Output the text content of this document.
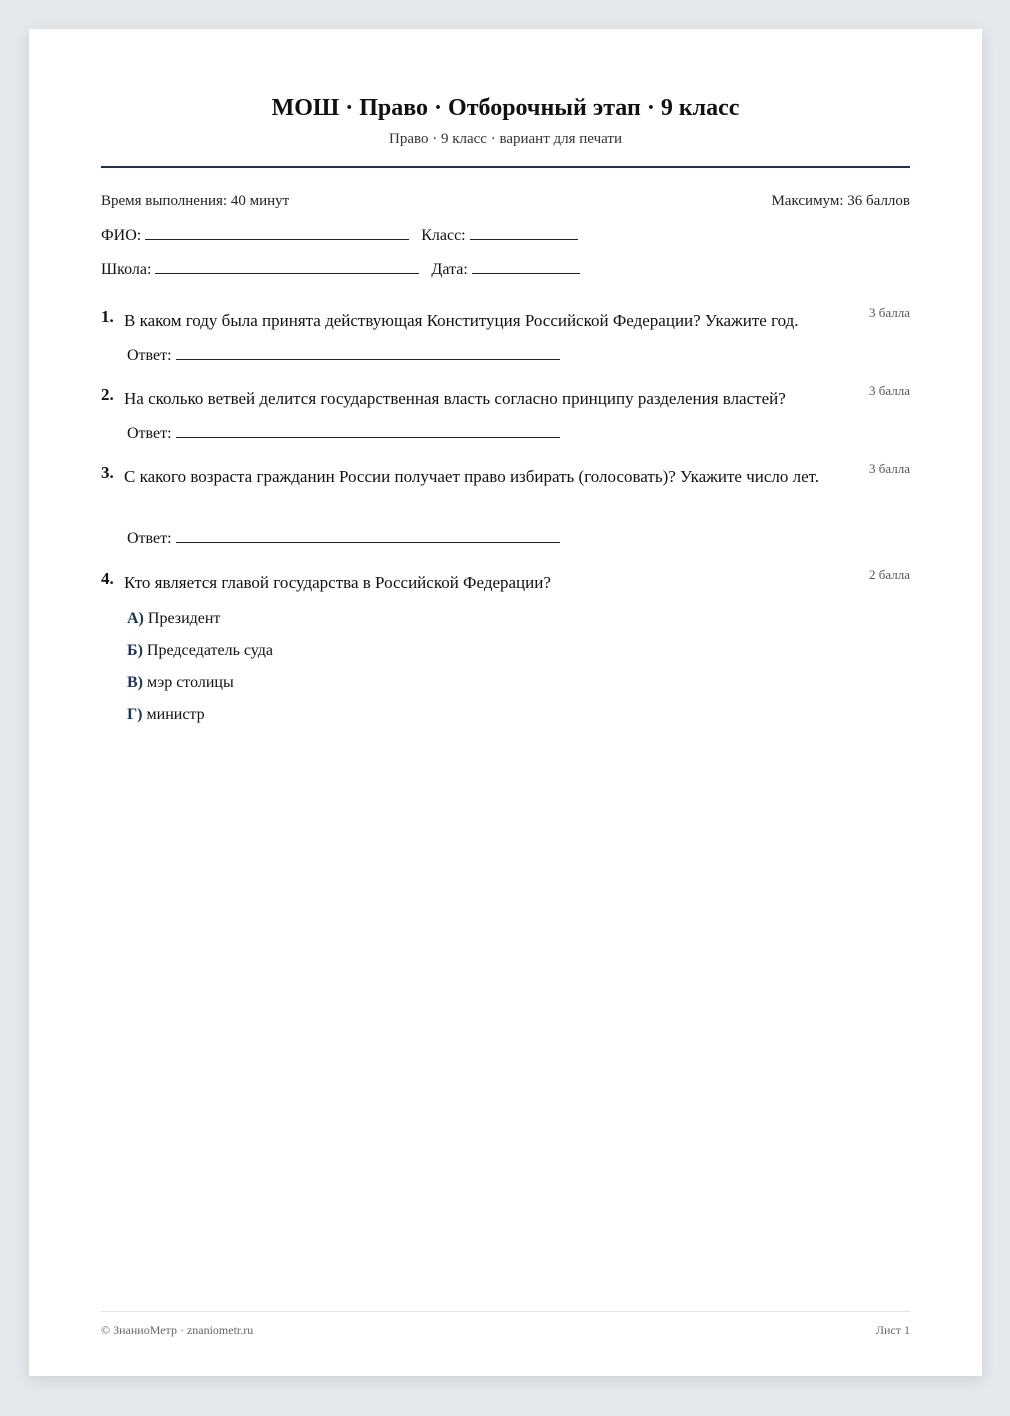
МОШ · Право · Отборочный этап · 9 класс
Право · 9 класс · вариант для печати
Время выполнения: 40 минут	Максимум: 36 баллов
ФИО:	Класс:
Школа:	Дата:
1. В каком году была принята действующая Конституция Российской Федерации? Укажите год.	3 балла
Ответ:
2. На сколько ветвей делится государственная власть согласно принципу разделения властей?	3 балла
Ответ:
3. С какого возраста гражданин России получает право избирать (голосовать)? Укажите число лет.	3 балла
Ответ:
4. Кто является главой государства в Российской Федерации?	2 балла
А) Президент
Б) Председатель суда
В) мэр столицы
Г) министр
© ЗнаниоМетр · znaniometr.ru	Лист 1
